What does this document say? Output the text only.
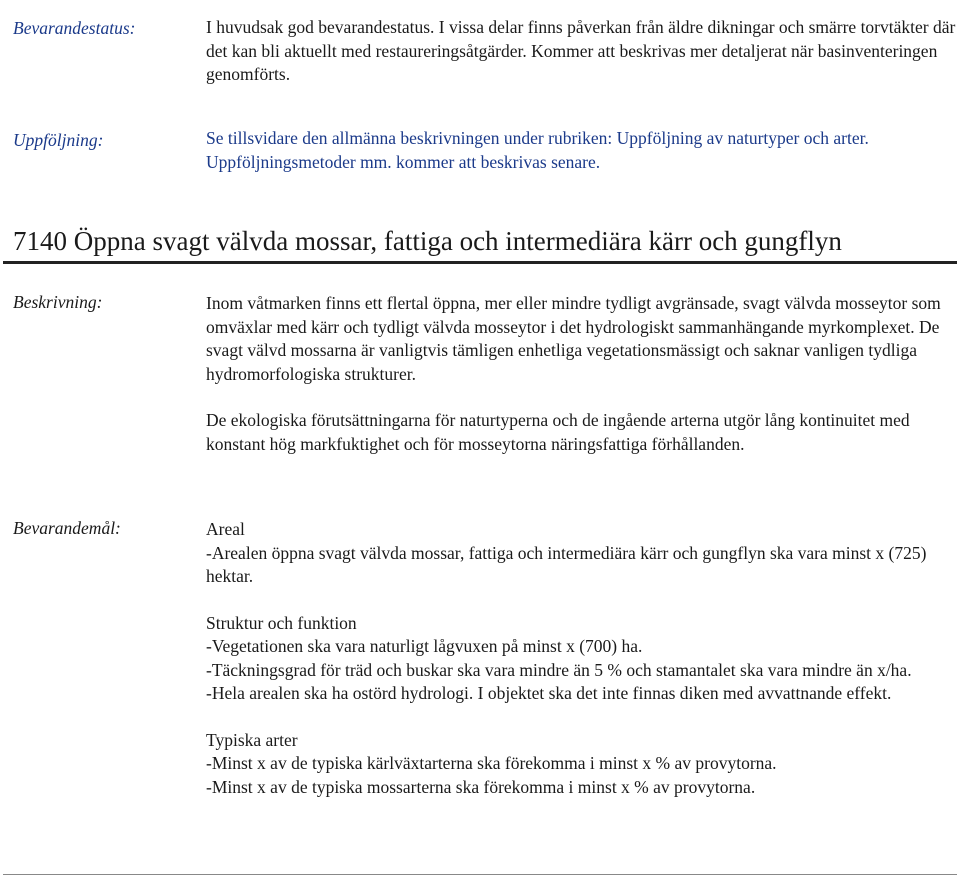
Bevarandestatus:	I huvudsak god bevarandestatus. I vissa delar finns påverkan från äldre dikningar och smärre torvtäkter där det kan bli aktuellt med restaureringsåtgärder. Kommer att beskrivas mer detaljerat när basinventeringen genomförts.

Uppföljning:	Se tillsvidare den allmänna beskrivningen under rubriken: Uppföljning av naturtyper och arter. Uppföljningsmetoder mm. kommer att beskrivas senare.

7140 Öppna svagt välvda mossar, fattiga och intermediära kärr och gungflyn
Beskrivning:	Inom våtmarken finns ett flertal öppna, mer eller mindre tydligt avgränsade, svagt välvda mosseytor som omväxlar med kärr och tydligt välvda mosseytor i det hydrologiskt sammanhängande myrkomplexet. De svagt välvd mossarna är vanligtvis tämligen enhetliga vegetationsmässigt och saknar vanligen tydliga hydromorfologiska strukturer.

De ekologiska förutsättningarna för naturtyperna och de ingående arterna utgör lång kontinuitet med konstant hög markfuktighet och för mosseytorna näringsfattiga förhållanden.

Bevarandemål:	Areal

-Arealen öppna svagt välvda mossar, fattiga och intermediära kärr och gungflyn ska vara minst x (725) hektar.

Struktur och funktion

-Vegetationen ska vara naturligt lågvuxen på minst x (700) ha.

-Täckningsgrad för träd och buskar ska vara mindre än 5 % och stamantalet ska vara mindre än x/ha.

-Hela arealen ska ha ostörd hydrologi. I objektet ska det inte finnas diken med avvattnande effekt.

Typiska arter

-Minst x av de typiska kärlväxtarterna ska förekomma i minst x % av provytorna.

-Minst x av de typiska mossarterna ska förekomma i minst x % av provytorna.
